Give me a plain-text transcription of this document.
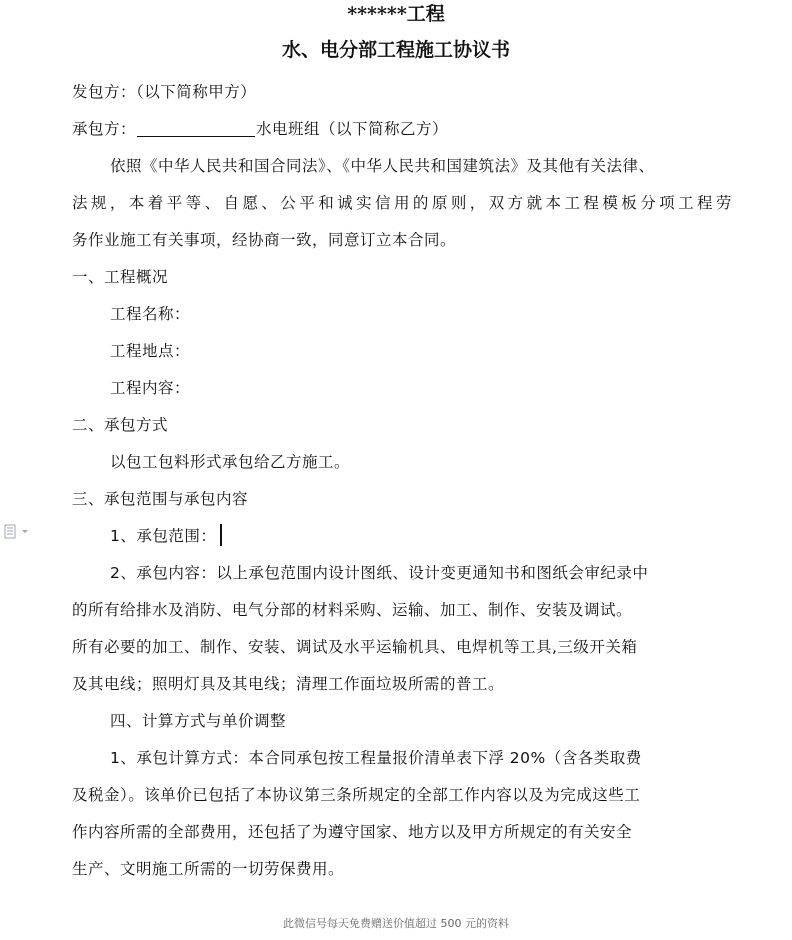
******工程
水、电分部工程施工协议书
发包方：（以下简称甲方）
承包方：	水电班组（以下简称乙方）
依照《中华人民共和国合同法》、《中华人民共和国建筑法》及其他有关法律、
法规，本着平等、自愿、公平和诚实信用的原则，双方就本工程模板分项工程劳
务作业施工有关事项，经协商一致，同意订立本合同。
一、工程概况
工程名称：
工程地点：
工程内容：
二、承包方式
以包工包料形式承包给乙方施工。
三、承包范围与承包内容
1、承包范围：
2、承包内容：以上承包范围内设计图纸、设计变更通知书和图纸会审纪录中
的所有给排水及消防、电气分部的材料采购、运输、加工、制作、安装及调试。
所有必要的加工、制作、安装、调试及水平运输机具、电焊机等工具,三级开关箱
及其电线；照明灯具及其电线；清理工作面垃圾所需的普工。
四、计算方式与单价调整
1、承包计算方式：本合同承包按工程量报价清单表下浮 20%（含各类取费
及税金）。该单价已包括了本协议第三条所规定的全部工作内容以及为完成这些工
作内容所需的全部费用，还包括了为遵守国家、地方以及甲方所规定的有关安全
生产、文明施工所需的一切劳保费用。
此微信号每天免费赠送价值超过 500 元的资料
